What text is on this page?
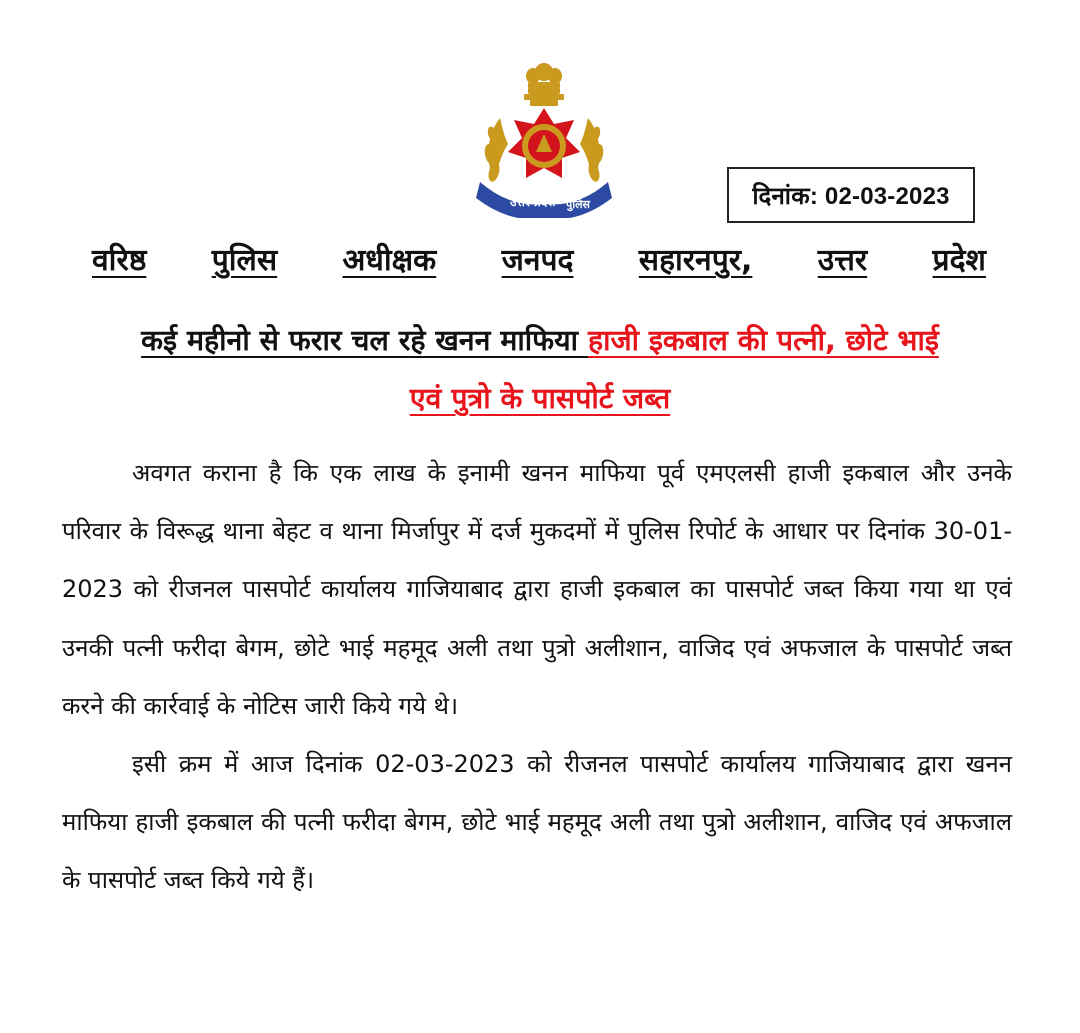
उत्तर प्रदेश पुलिस	दिनांक: 02-03-2023
वरिष्ठ पुलिस अधीक्षक जनपद सहारनपुर, उत्तर प्रदेश
कई महीनो से फरार चल रहे खनन माफिया हाजी इकबाल की पत्नी, छोटे भाई
एवं पुत्रो के पासपोर्ट जब्त

अवगत कराना है कि एक लाख के इनामी खनन माफिया पूर्व एमएलसी हाजी इकबाल और उनके परिवार के विरूद्ध थाना बेहट व थाना मिर्जापुर में दर्ज मुकदमों में पुलिस रिपोर्ट के आधार पर दिनांक 30-01-2023 को रीजनल पासपोर्ट कार्यालय गाजियाबाद द्वारा हाजी इकबाल का पासपोर्ट जब्त किया गया था एवं उनकी पत्नी फरीदा बेगम, छोटे भाई महमूद अली तथा पुत्रो अलीशान, वाजिद एवं अफजाल के पासपोर्ट जब्त करने की कार्रवाई के नोटिस जारी किये गये थे।

इसी क्रम में आज दिनांक 02-03-2023 को रीजनल पासपोर्ट कार्यालय गाजियाबाद द्वारा खनन माफिया हाजी इकबाल की पत्नी फरीदा बेगम, छोटे भाई महमूद अली तथा पुत्रो अलीशान, वाजिद एवं अफजाल के पासपोर्ट जब्त किये गये हैं।
